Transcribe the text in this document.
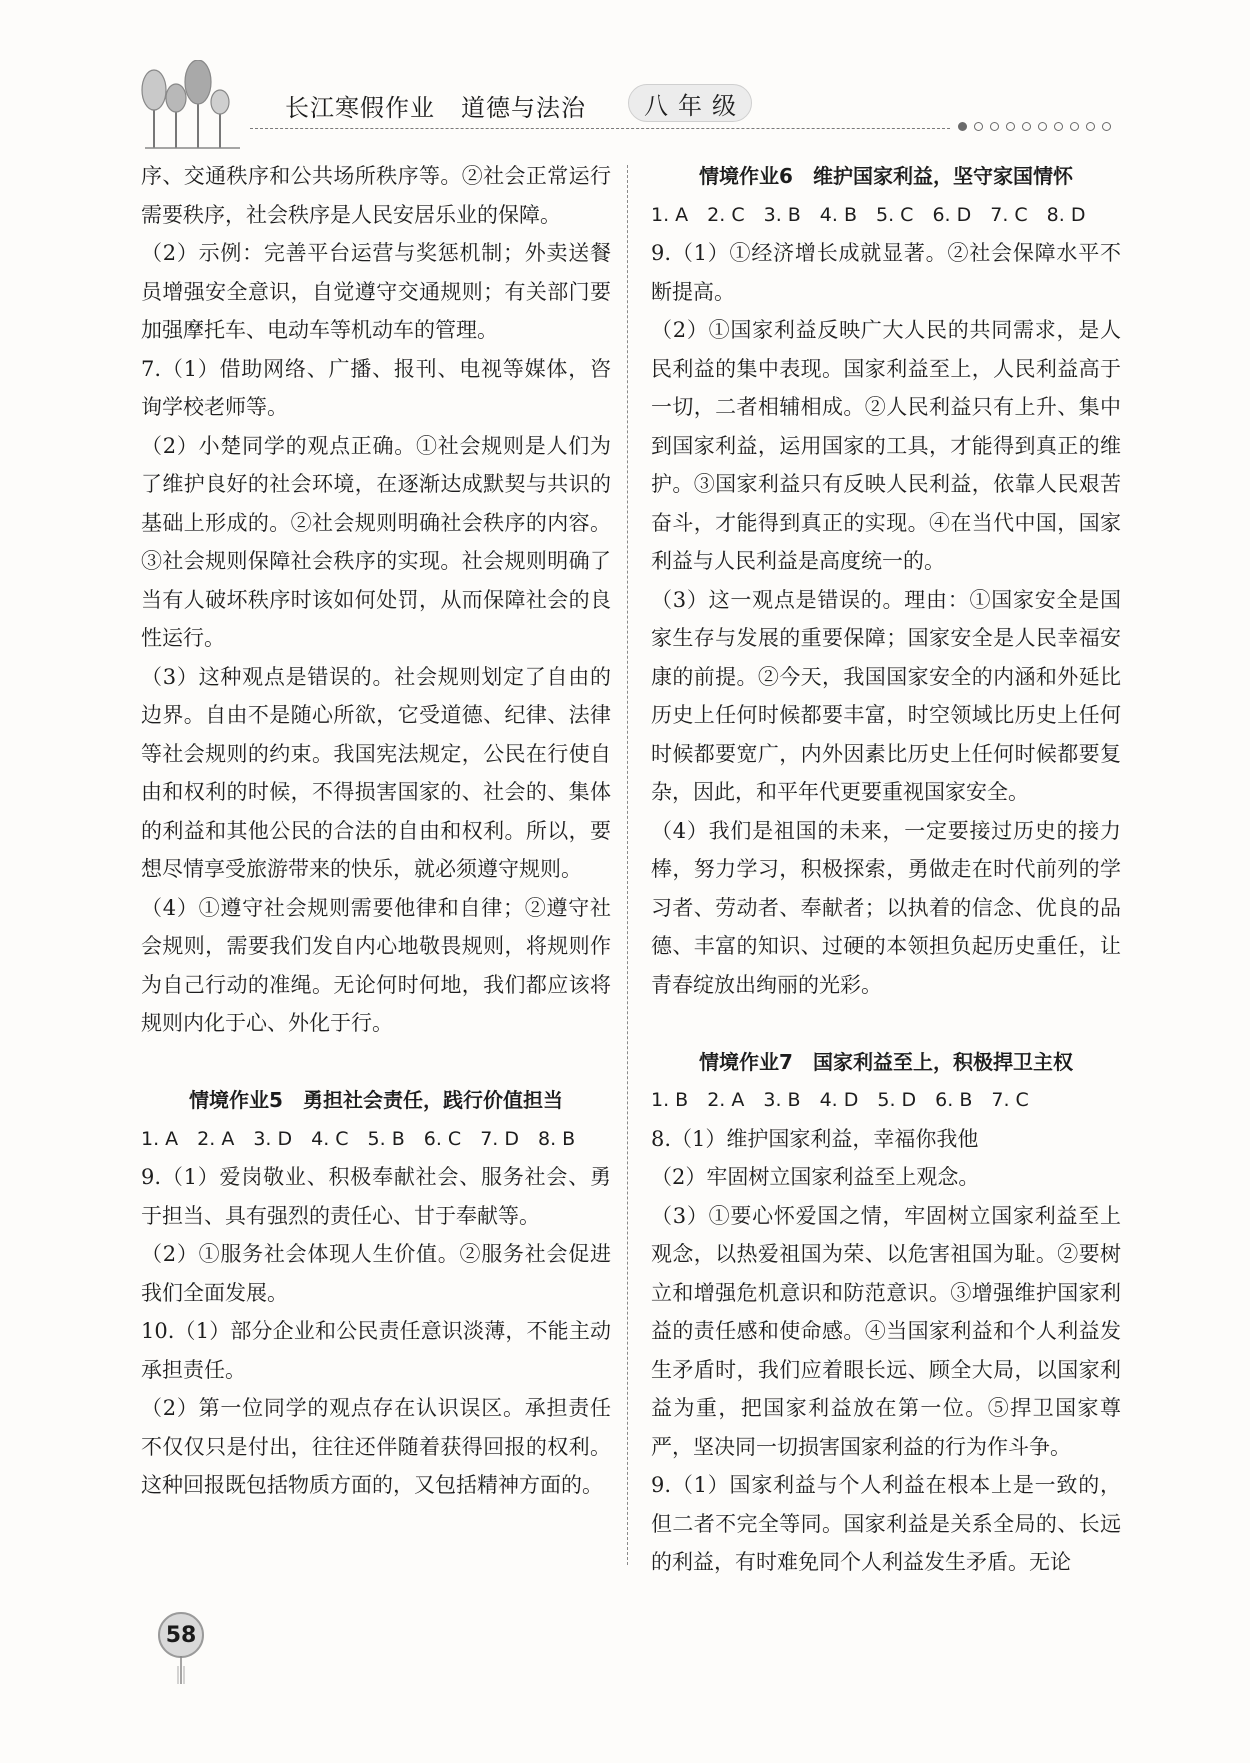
长江寒假作业 道德与法治	八年级

序、交通秩序和公共场所秩序等。②社会正常运行需要秩序，社会秩序是人民安居乐业的保障。

（2）示例：完善平台运营与奖惩机制；外卖送餐员增强安全意识，自觉遵守交通规则；有关部门要加强摩托车、电动车等机动车的管理。

7.（1）借助网络、广播、报刊、电视等媒体，咨询学校老师等。

（2）小楚同学的观点正确。①社会规则是人们为了维护良好的社会环境，在逐渐达成默契与共识的基础上形成的。②社会规则明确社会秩序的内容。③社会规则保障社会秩序的实现。社会规则明确了当有人破坏秩序时该如何处罚，从而保障社会的良性运行。

（3）这种观点是错误的。社会规则划定了自由的边界。自由不是随心所欲，它受道德、纪律、法律等社会规则的约束。我国宪法规定，公民在行使自由和权利的时候，不得损害国家的、社会的、集体的利益和其他公民的合法的自由和权利。所以，要想尽情享受旅游带来的快乐，就必须遵守规则。

（4）①遵守社会规则需要他律和自律；②遵守社会规则，需要我们发自内心地敬畏规则，将规则作为自己行动的准绳。无论何时何地，我们都应该将规则内化于心、外化于行。

情境作业5　勇担社会责任，践行价值担当

1. A　2. A　3. D　4. C　5. B　6. C　7. D　8. B

9.（1）爱岗敬业、积极奉献社会、服务社会、勇于担当、具有强烈的责任心、甘于奉献等。

（2）①服务社会体现人生价值。②服务社会促进我们全面发展。

10.（1）部分企业和公民责任意识淡薄，不能主动承担责任。

（2）第一位同学的观点存在认识误区。承担责任不仅仅只是付出，往往还伴随着获得回报的权利。这种回报既包括物质方面的，又包括精神方面的。

情境作业6　维护国家利益，坚守家国情怀

1. A　2. C　3. B　4. B　5. C　6. D　7. C　8. D

9.（1）①经济增长成就显著。②社会保障水平不断提高。

（2）①国家利益反映广大人民的共同需求，是人民利益的集中表现。国家利益至上，人民利益高于一切，二者相辅相成。②人民利益只有上升、集中到国家利益，运用国家的工具，才能得到真正的维护。③国家利益只有反映人民利益，依靠人民艰苦奋斗，才能得到真正的实现。④在当代中国，国家利益与人民利益是高度统一的。

（3）这一观点是错误的。理由：①国家安全是国家生存与发展的重要保障；国家安全是人民幸福安康的前提。②今天，我国国家安全的内涵和外延比历史上任何时候都要丰富，时空领域比历史上任何时候都要宽广，内外因素比历史上任何时候都要复杂，因此，和平年代更要重视国家安全。

（4）我们是祖国的未来，一定要接过历史的接力棒，努力学习，积极探索，勇做走在时代前列的学习者、劳动者、奉献者；以执着的信念、优良的品德、丰富的知识、过硬的本领担负起历史重任，让青春绽放出绚丽的光彩。

情境作业7　国家利益至上，积极捍卫主权

1. B　2. A　3. B　4. D　5. D　6. B　7. C

8.（1）维护国家利益，幸福你我他

（2）牢固树立国家利益至上观念。

（3）①要心怀爱国之情，牢固树立国家利益至上观念，以热爱祖国为荣、以危害祖国为耻。②要树立和增强危机意识和防范意识。③增强维护国家利益的责任感和使命感。④当国家利益和个人利益发生矛盾时，我们应着眼长远、顾全大局，以国家利益为重，把国家利益放在第一位。⑤捍卫国家尊严，坚决同一切损害国家利益的行为作斗争。

9.（1）国家利益与个人利益在根本上是一致的，但二者不完全等同。国家利益是关系全局的、长远的利益，有时难免同个人利益发生矛盾。无论

58
